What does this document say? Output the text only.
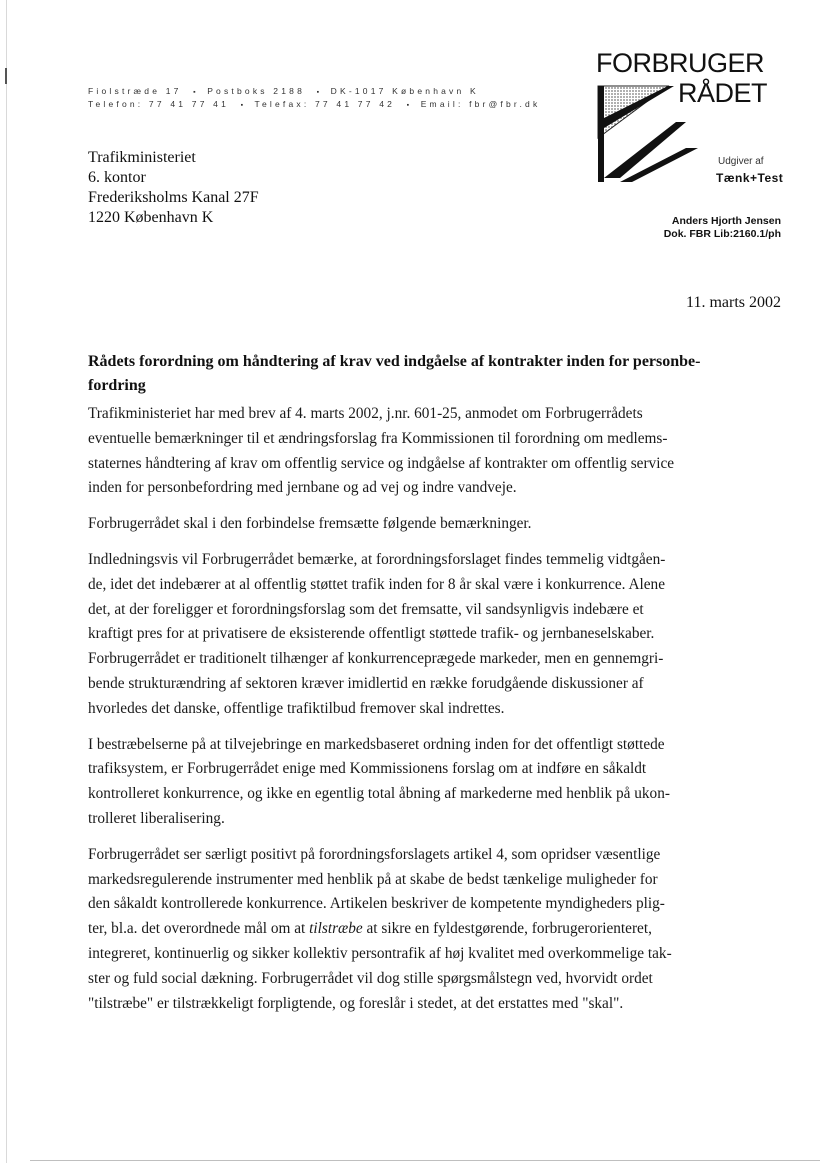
Fiolstræde 17 ▪ Postboks 2188 ▪ DK-1017 København K
Telefon: 77 41 77 41 ▪ Telefax: 77 41 77 42 ▪ Email: fbr@fbr.dk
FORBRUGER
RÅDET
Udgiver af
Tænk+Test
Anders Hjorth Jensen
Dok. FBR Lib:2160.1/ph
Trafikministeriet
6. kontor
Frederiksholms Kanal 27F
1220 København K
11. marts 2002
Rådets forordning om håndtering af krav ved indgåelse af kontrakter inden for personbe-
fordring

Trafikministeriet har med brev af 4. marts 2002, j.nr. 601-25, anmodet om Forbrugerrådets
eventuelle bemærkninger til et ændringsforslag fra Kommissionen til forordning om medlems-
staternes håndtering af krav om offentlig service og indgåelse af kontrakter om offentlig service
inden for personbefordring med jernbane og ad vej og indre vandveje.

Forbrugerrådet skal i den forbindelse fremsætte følgende bemærkninger.

Indledningsvis vil Forbrugerrådet bemærke, at forordningsforslaget findes temmelig vidtgåen-
de, idet det indebærer at al offentlig støttet trafik inden for 8 år skal være i konkurrence. Alene
det, at der foreligger et forordningsforslag som det fremsatte, vil sandsynligvis indebære et
kraftigt pres for at privatisere de eksisterende offentligt støttede trafik- og jernbaneselskaber.
Forbrugerrådet er traditionelt tilhænger af konkurrenceprægede markeder, men en gennemgri-
bende strukturændring af sektoren kræver imidlertid en række forudgående diskussioner af
hvorledes det danske, offentlige trafiktilbud fremover skal indrettes.

I bestræbelserne på at tilvejebringe en markedsbaseret ordning inden for det offentligt støttede
trafiksystem, er Forbrugerrådet enige med Kommissionens forslag om at indføre en såkaldt
kontrolleret konkurrence, og ikke en egentlig total åbning af markederne med henblik på ukon-
trolleret liberalisering.

Forbrugerrådet ser særligt positivt på forordningsforslagets artikel 4, som opridser væsentlige
markedsregulerende instrumenter med henblik på at skabe de bedst tænkelige muligheder for
den såkaldt kontrollerede konkurrence. Artikelen beskriver de kompetente myndigheders plig-
ter, bl.a. det overordnede mål om at tilstræbe at sikre en fyldestgørende, forbrugerorienteret,
integreret, kontinuerlig og sikker kollektiv persontrafik af høj kvalitet med overkommelige tak-
ster og fuld social dækning. Forbrugerrådet vil dog stille spørgsmålstegn ved, hvorvidt ordet
"tilstræbe" er tilstrækkeligt forpligtende, og foreslår i stedet, at det erstattes med "skal".
